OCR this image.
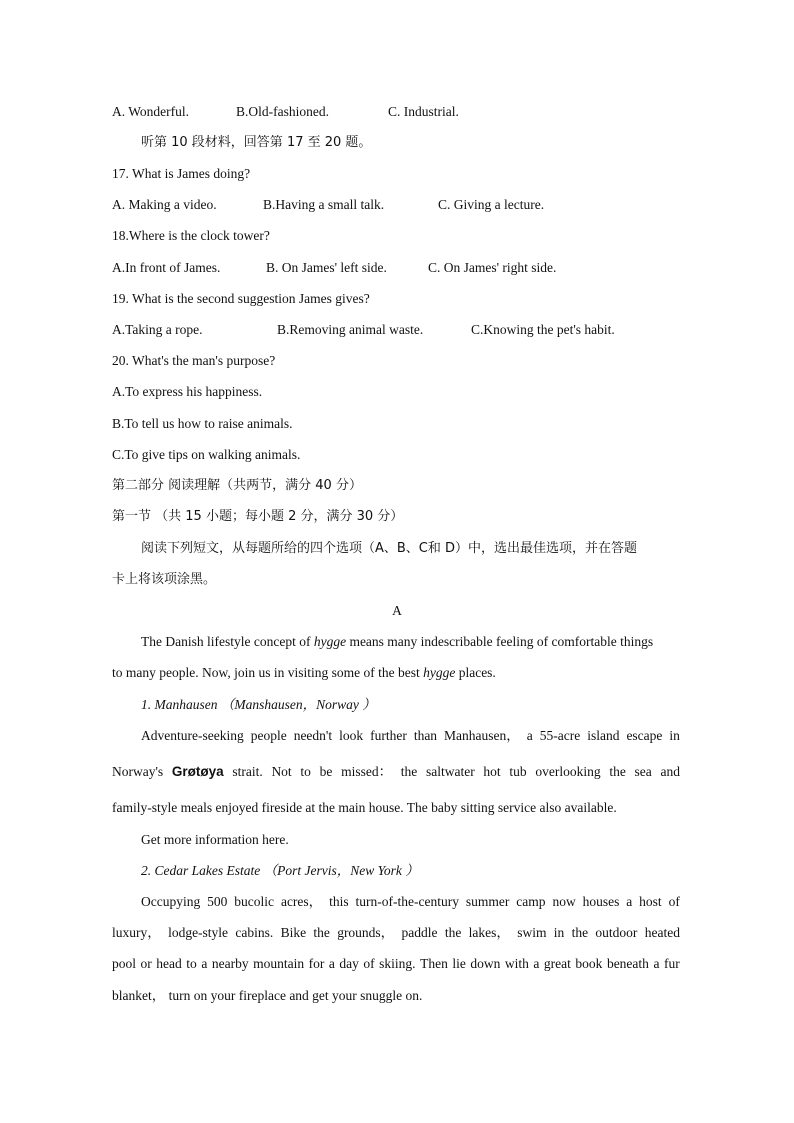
A. Wonderful.	B.Old-fashioned.	C. Industrial.
听第 10 段材料，回答第 17 至 20 题。
17. What is James doing?
A. Making a video.	B.Having a small talk.	C. Giving a lecture.
18.Where is the clock tower?
A.In front of James.	B. On James' left side.	C. On James' right side.
19. What is the second suggestion James gives?
A.Taking a rope.	B.Removing animal waste.	C.Knowing the pet's habit.
20. What's the man's purpose?
A.To express his happiness.
B.To tell us how to raise animals.
C.To give tips on walking animals.
第二部分 阅读理解（共两节，满分 40 分）
第一节 （共 15 小题；每小题 2 分，满分 30 分）
阅读下列短文，从每题所给的四个选项（A、B、C和 D）中，选出最佳选项，并在答题
卡上将该项涂黑。
A
The Danish lifestyle concept of hygge means many indescribable feeling of comfortable things
to many people. Now, join us in visiting some of the best hygge places.
1. Manhausen （Manshausen，Norway ）
Adventure-seeking people needn't look further than Manhausen， a 55-acre island escape in
Norway's Grøtøya strait. Not to be missed： the saltwater hot tub overlooking the sea and
family-style meals enjoyed fireside at the main house. The baby sitting service also available.
Get more information here.
2. Cedar Lakes Estate （Port Jervis，New York ）
Occupying 500 bucolic acres， this turn-of-the-century summer camp now houses a host of
luxury， lodge-style cabins. Bike the grounds， paddle the lakes， swim in the outdoor heated
pool or head to a nearby mountain for a day of skiing. Then lie down with a great book beneath a fur
blanket， turn on your fireplace and get your snuggle on.
